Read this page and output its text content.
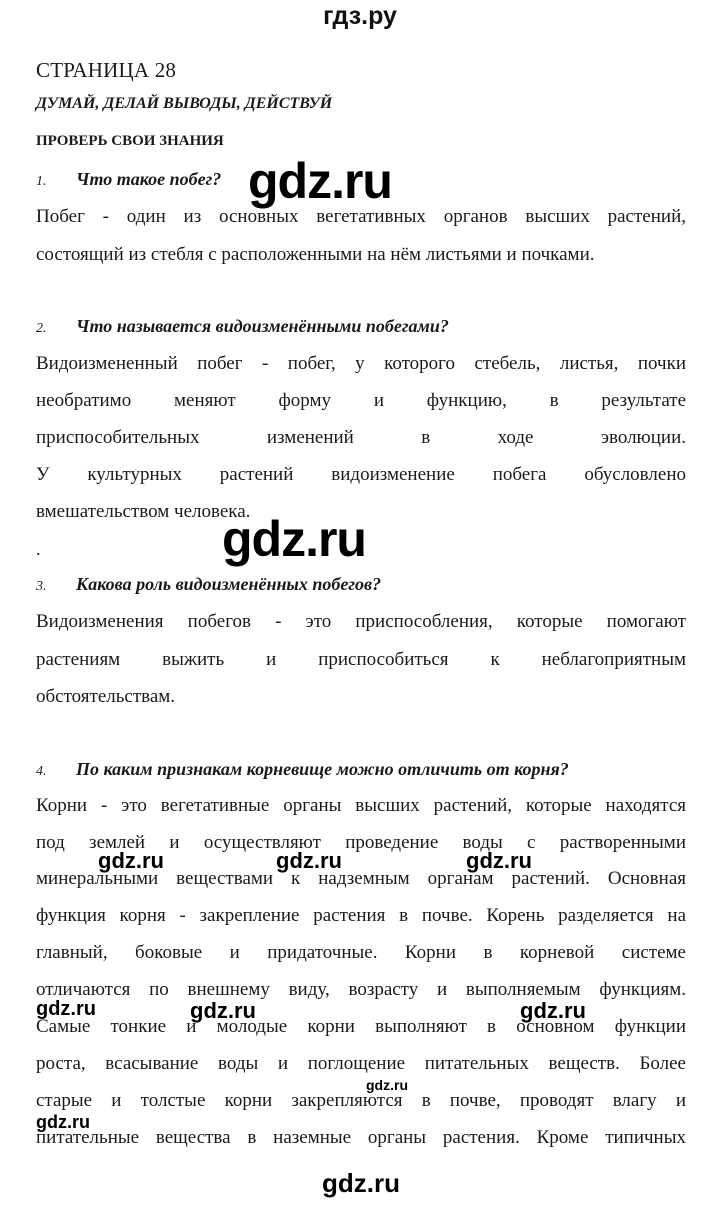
гдз.ру
СТРАНИЦА 28
ДУМАЙ, ДЕЛАЙ ВЫВОДЫ, ДЕЙСТВУЙ
ПРОВЕРЬ СВОИ ЗНАНИЯ
1. Что такое побег?
Побег - один из основных вегетативных органов высших растений,
состоящий из стебля с расположенными на нём листьями и почками.
2. Что называется видоизменёнными побегами?
Видоизмененный побег - побег, у которого стебель, листья, почки
необратимо меняют форму и функцию, в результате
приспособительных изменений в ходе эволюции.
У культурных растений видоизменение побега обусловлено
вмешательством человека.
.
3. Какова роль видоизменённых побегов?
Видоизменения побегов - это приспособления, которые помогают
растениям выжить и приспособиться к неблагоприятным
обстоятельствам.
4. По каким признакам корневище можно отличить от корня?
Корни - это вегетативные органы высших растений, которые находятся
под землей и осуществляют проведение воды с растворенными
минеральными веществами к надземным органам растений. Основная
функция корня - закрепление растения в почве. Корень разделяется на
главный, боковые и придаточные. Корни в корневой системе
отличаются по внешнему виду, возрасту и выполняемым функциям.
Самые тонкие и молодые корни выполняют в основном функции
роста, всасывание воды и поглощение питательных веществ. Более
старые и толстые корни закрепляются в почве, проводят влагу и
питательные вещества в наземные органы растения. Кроме типичных
gdz.ru
gdz.ru
gdz.ru	gdz.ru	gdz.ru
gdz.ru	gdz.ru	gdz.ru
gdz.ru
gdz.ru
gdz.ru
